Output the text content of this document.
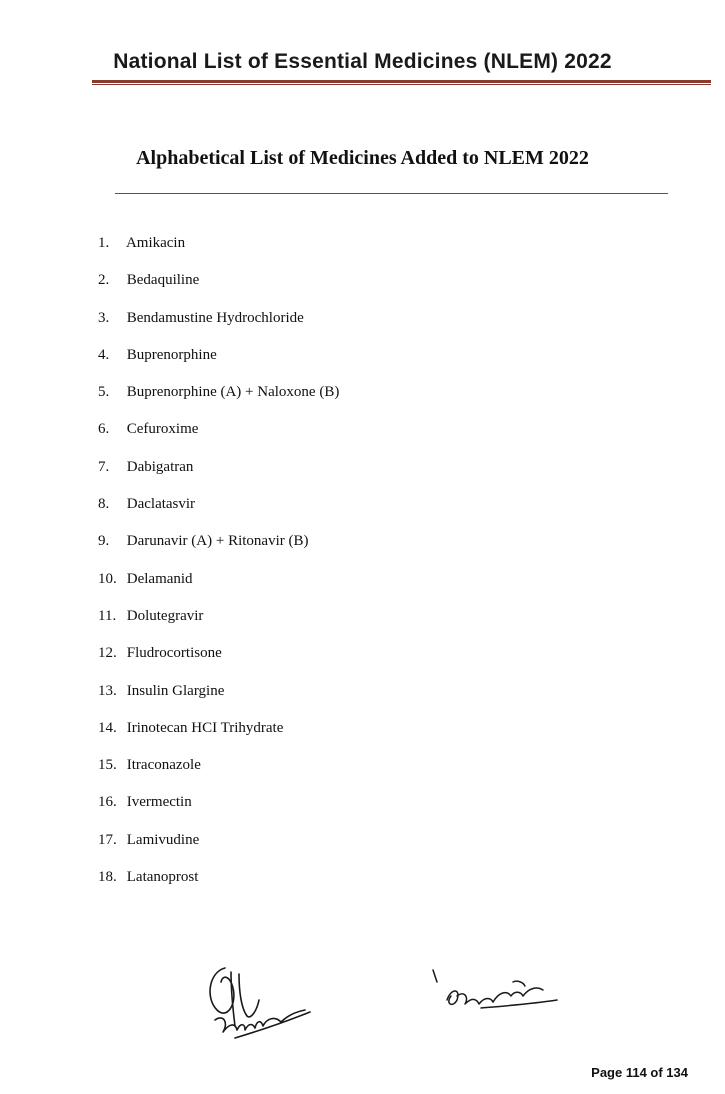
National List of Essential Medicines (NLEM) 2022
Alphabetical List of Medicines Added to NLEM 2022
1. Amikacin
2. Bedaquiline
3. Bendamustine Hydrochloride
4. Buprenorphine
5. Buprenorphine (A) + Naloxone (B)
6. Cefuroxime
7. Dabigatran
8. Daclatasvir
9. Darunavir (A) + Ritonavir (B)
10. Delamanid
11. Dolutegravir
12. Fludrocortisone
13. Insulin Glargine
14. Irinotecan HCI Trihydrate
15. Itraconazole
16. Ivermectin
17. Lamivudine
18. Latanoprost
Page 114 of 134
